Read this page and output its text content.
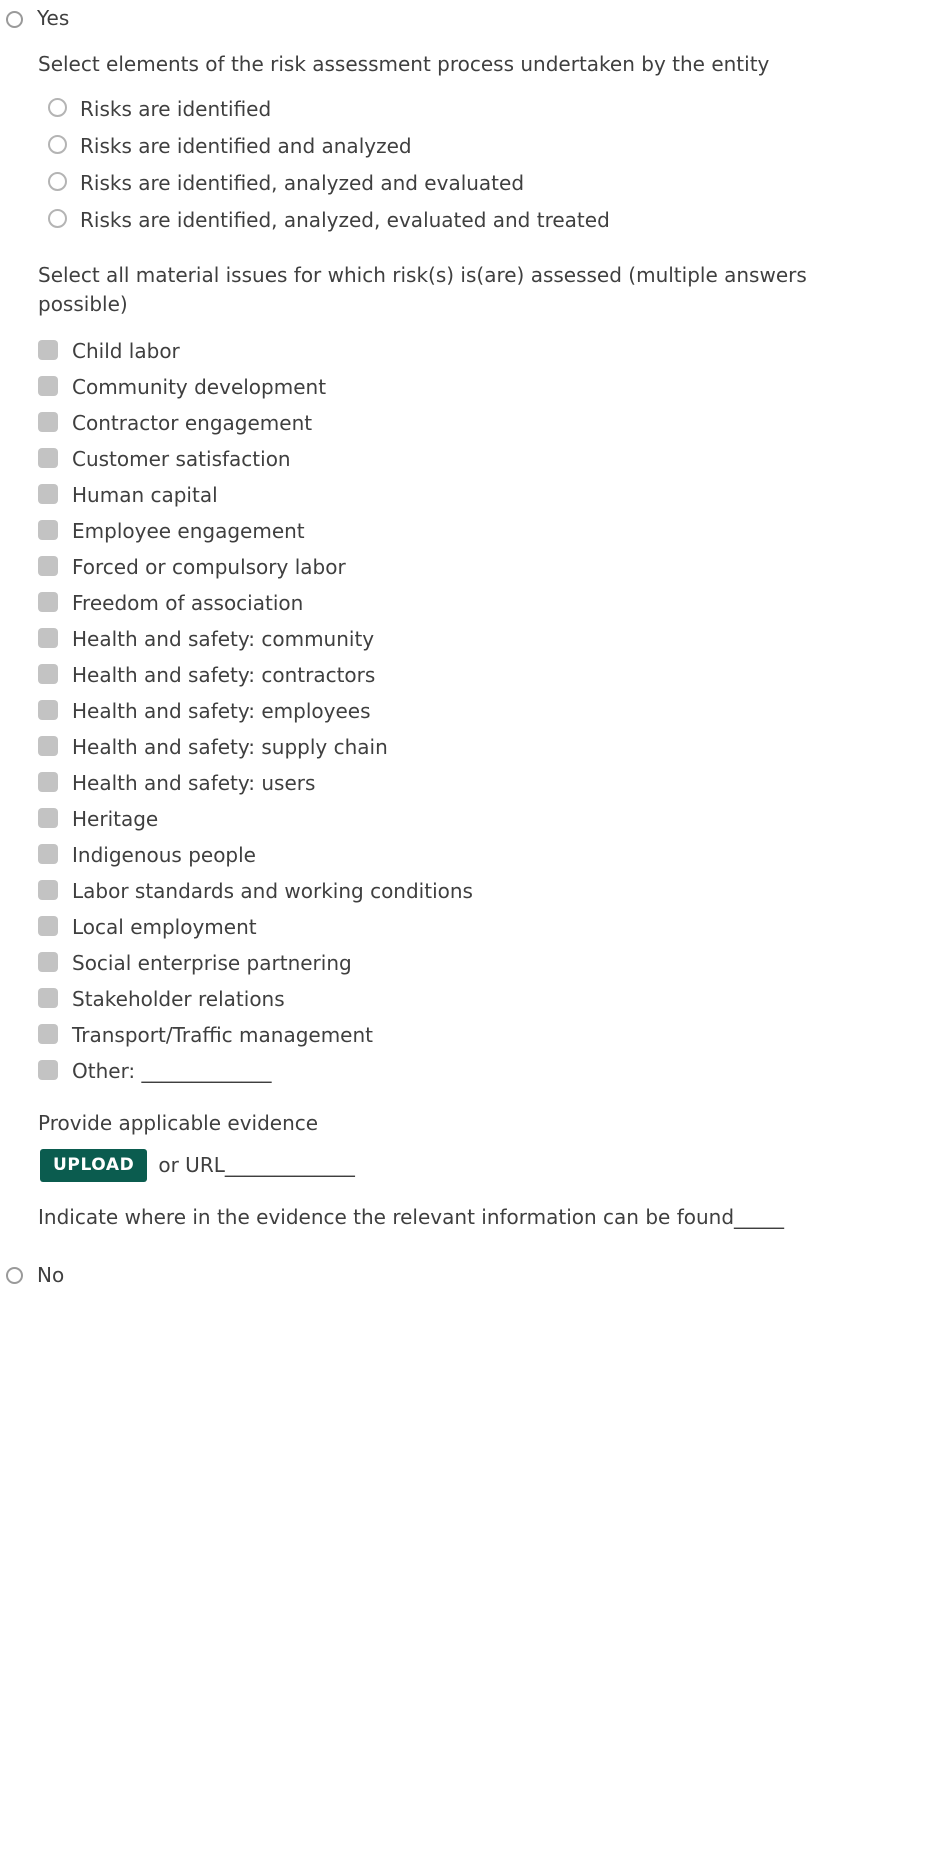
Yes
Select elements of the risk assessment process undertaken by the entity
Risks are identified
Risks are identified and analyzed
Risks are identified, analyzed and evaluated
Risks are identified, analyzed, evaluated and treated
Select all material issues for which risk(s) is(are) assessed (multiple answers possible)
Child labor
Community development
Contractor engagement
Customer satisfaction
Human capital
Employee engagement
Forced or compulsory labor
Freedom of association
Health and safety: community
Health and safety: contractors
Health and safety: employees
Health and safety: supply chain
Health and safety: users
Heritage
Indigenous people
Labor standards and working conditions
Local employment
Social enterprise partnering
Stakeholder relations
Transport/Traffic management
Other: _____________
Provide applicable evidence
UPLOAD	or URL_____________
Indicate where in the evidence the relevant information can be found_____
No
